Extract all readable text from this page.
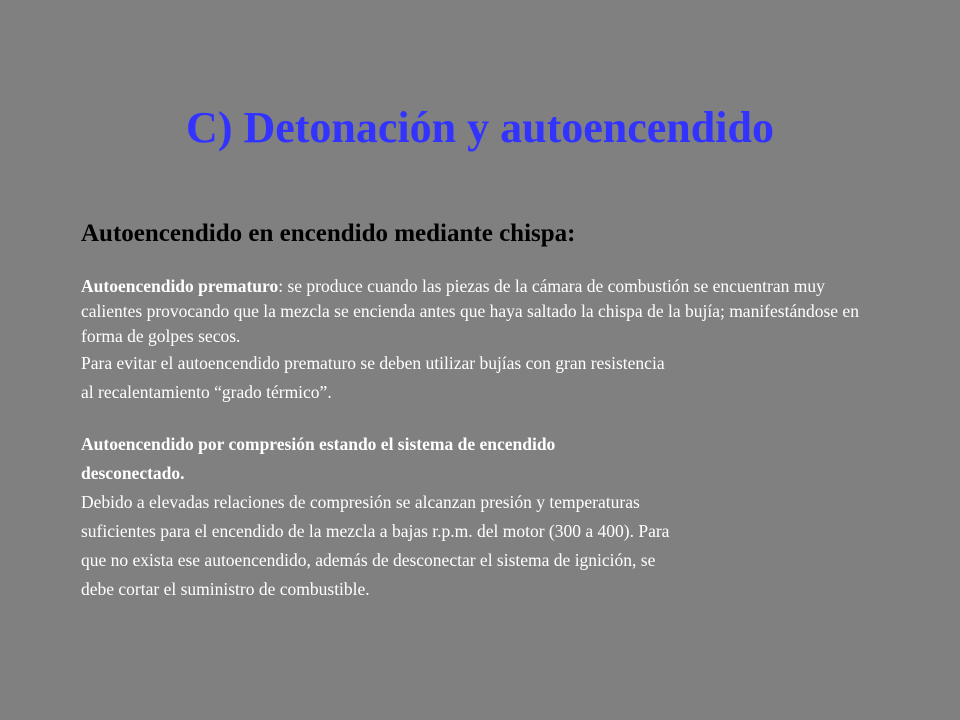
C) Detonación y autoencendido
Autoencendido en encendido mediante chispa:

Autoencendido prematuro: se produce cuando las piezas de la cámara de combustión se encuentran muy calientes provocando que la mezcla se encienda antes que haya saltado la chispa de la bujía; manifestándose en forma de golpes secos.

Para evitar el autoencendido prematuro se deben utilizar bujías con gran resistencia
al recalentamiento “grado térmico”.
Autoencendido por compresión estando el sistema de encendido
desconectado.
Debido a elevadas relaciones de compresión se alcanzan presión y temperaturas
suficientes para el encendido de la mezcla a bajas r.p.m. del motor (300 a 400). Para
que no exista ese autoencendido, además de desconectar el sistema de ignición, se
debe cortar el suministro de combustible.
